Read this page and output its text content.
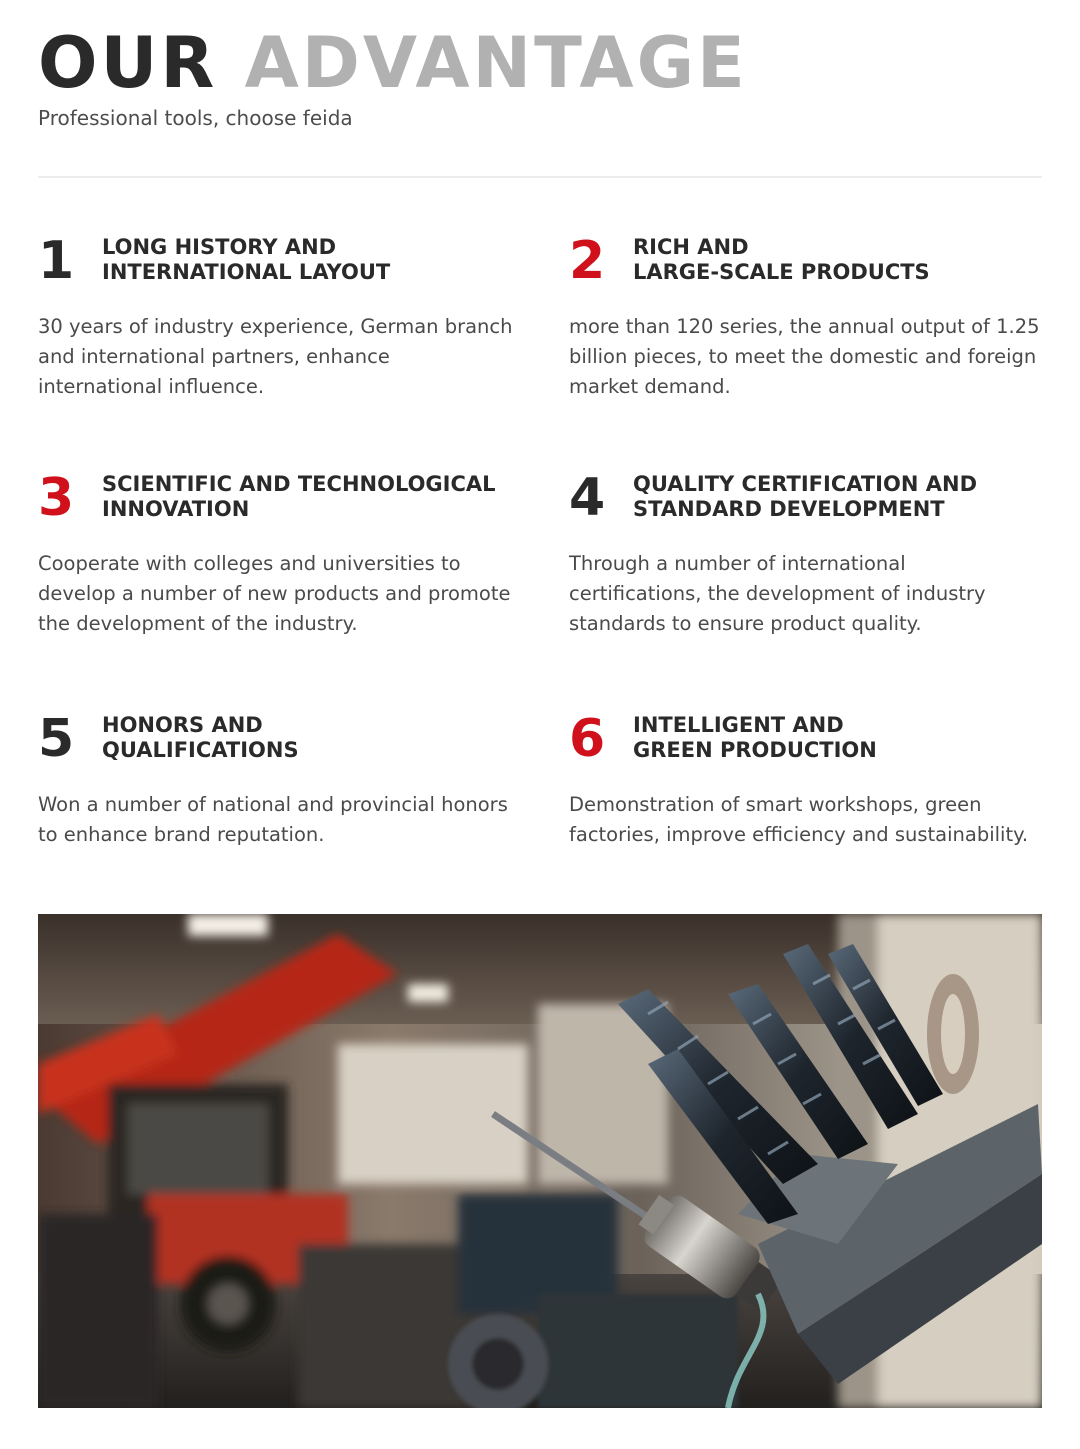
OUR ADVANTAGE

Professional tools, choose feida

1 LONG HISTORY AND
INTERNATIONAL LAYOUT

30 years of industry experience, German branch and international partners, enhance international influence.

2 RICH AND
LARGE-SCALE PRODUCTS

more than 120 series, the annual output of 1.25 billion pieces, to meet the domestic and foreign market demand.

3 SCIENTIFIC AND TECHNOLOGICAL
INNOVATION

Cooperate with colleges and universities to develop a number of new products and promote the development of the industry.

4 QUALITY CERTIFICATION AND
STANDARD DEVELOPMENT

Through a number of international certifications, the development of industry standards to ensure product quality.

5 HONORS AND
QUALIFICATIONS

Won a number of national and provincial honors to enhance brand reputation.

6 INTELLIGENT AND
GREEN PRODUCTION

Demonstration of smart workshops, green factories, improve efficiency and sustainability.
